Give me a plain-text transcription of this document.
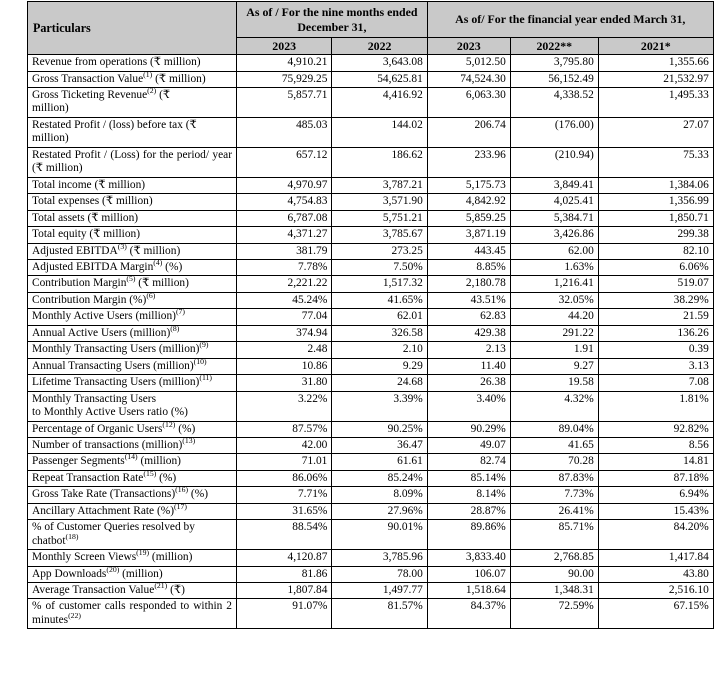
Particulars	As of / For the nine months ended December 31,		As of/ For the financial year ended March 31,		
	2023	2022	2023	2022**	2021*
Revenue from operations (₹ million)	4,910.21	3,643.08	5,012.50	3,795.80	1,355.66
Gross Transaction Value$^{(1)}$ (₹ million)	75,929.25	54,625.81	74,524.30	56,152.49	21,532.97
Gross Ticketing Revenue$^{(2)}$ (₹
million)	5,857.71	4,416.92	6,063.30	4,338.52	1,495.33
Restated Profit / (loss) before tax (₹ million)	485.03	144.02	206.74	(176.00)	27.07
Restated Profit / (Loss) for the period/ year (₹ million)	657.12	186.62	233.96	(210.94)	75.33
Total income (₹ million)	4,970.97	3,787.21	5,175.73	3,849.41	1,384.06
Total expenses (₹ million)	4,754.83	3,571.90	4,842.92	4,025.41	1,356.99
Total assets (₹ million)	6,787.08	5,751.21	5,859.25	5,384.71	1,850.71
Total equity (₹ million)	4,371.27	3,785.67	3,871.19	3,426.86	299.38
Adjusted EBITDA$^{(3)}$ (₹ million)	381.79	273.25	443.45	62.00	82.10
Adjusted EBITDA Margin$^{(4)}$ (%)	7.78%	7.50%	8.85%	1.63%	6.06%
Contribution Margin$^{(5)}$ (₹ million)	2,221.22	1,517.32	2,180.78	1,216.41	519.07
Contribution Margin (%)$^{(6)}$	45.24%	41.65%	43.51%	32.05%	38.29%
Monthly Active Users (million)$^{(7)}$	77.04	62.01	62.83	44.20	21.59
Annual Active Users (million)$^{(8)}$	374.94	326.58	429.38	291.22	136.26
Monthly Transacting Users (million)$^{(9)}$	2.48	2.10	2.13	1.91	0.39
Annual Transacting Users (million)$^{(10)}$	10.86	9.29	11.40	9.27	3.13
Lifetime Transacting Users (million)$^{(11)}$	31.80	24.68	26.38	19.58	7.08
Monthly Transacting Users
to Monthly Active Users ratio (%)	3.22%	3.39%	3.40%	4.32%	1.81%
Percentage of Organic Users$^{(12)}$ (%)	87.57%	90.25%	90.29%	89.04%	92.82%
Number of transactions (million)$^{(13)}$	42.00	36.47	49.07	41.65	8.56
Passenger Segments$^{(14)}$ (million)	71.01	61.61	82.74	70.28	14.81
Repeat Transaction Rate$^{(15)}$ (%)	86.06%	85.24%	85.14%	87.83%	87.18%
Gross Take Rate (Transactions)$^{(16)}$ (%)	7.71%	8.09%	8.14%	7.73%	6.94%
Ancillary Attachment Rate (%)$^{(17)}$	31.65%	27.96%	28.87%	26.41%	15.43%
% of Customer Queries resolved by chatbot$^{(18)}$	88.54%	90.01%	89.86%	85.71%	84.20%
Monthly Screen Views$^{(19)}$ (million)	4,120.87	3,785.96	3,833.40	2,768.85	1,417.84
App Downloads$^{(20)}$ (million)	81.86	78.00	106.07	90.00	43.80
Average Transaction Value$^{(21)}$ (₹)	1,807.84	1,497.77	1,518.64	1,348.31	2,516.10
% of customer calls responded to within 2 minutes$^{(22)}$	91.07%	81.57%	84.37%	72.59%	67.15%
